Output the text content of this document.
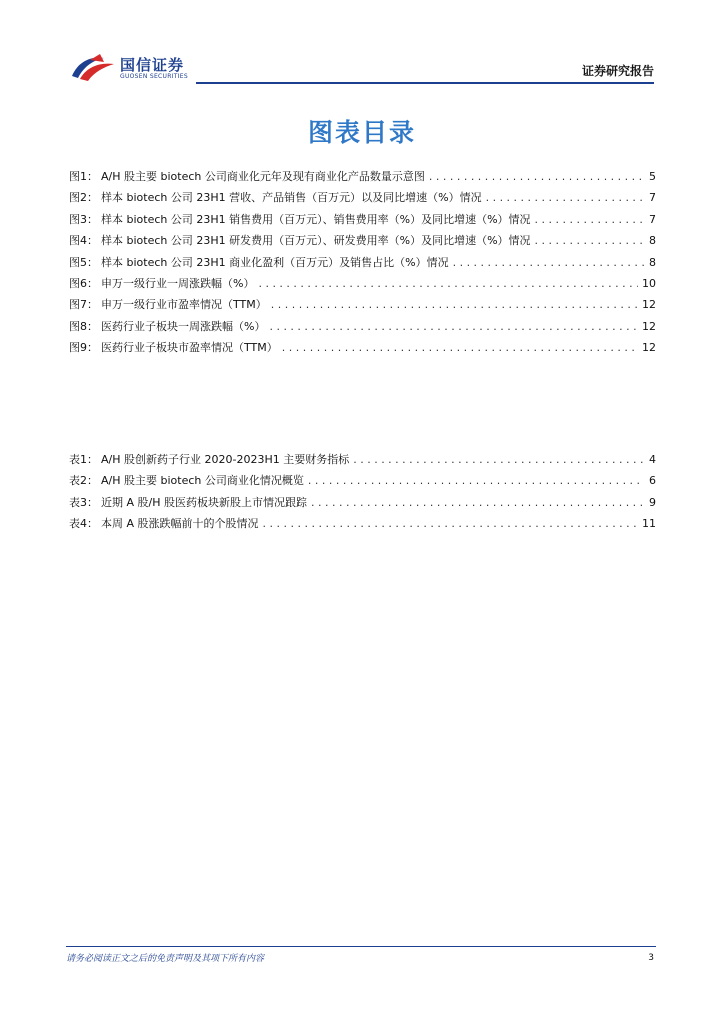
国信证券
GUOSEN SECURITIES	证券研究报告
图表目录
图1 ： A/H 股主要 biotech 公司商业化元年及现有商业化产品数量示意图 . . .	5
图2 ： 样本 biotech 公司 23H1 营收、产品销售（百万元）以及同比增速（%）情况 . . .	7
图3 ： 样本 biotech 公司 23H1 销售费用（百万元）、销售费用率（%）及同比增速（%）情况 . . .	7
图4 ： 样本 biotech 公司 23H1 研发费用（百万元）、研发费用率（%）及同比增速（%）情况 . . .	8
图5 ： 样本 biotech 公司 23H1 商业化盈利（百万元）及销售占比（%）情况 . . .	8
图6 ： 申万一级行业一周涨跌幅（%） . . .	10
图7 ： 申万一级行业市盈率情况（TTM） . . .	12
图8 ： 医药行业子板块一周涨跌幅（%） . . .	12
图9 ： 医药行业子板块市盈率情况（TTM） . . .	12
表1 ： A/H 股创新药子行业 2020-2023H1 主要财务指标 . . .	4
表2 ： A/H 股主要 biotech 公司商业化情况概览 . . .	6
表3 ： 近期 A 股/H 股医药板块新股上市情况跟踪 . . .	9
表4 ： 本周 A 股涨跌幅前十的个股情况 . . .	11
请务必阅读正文之后的免责声明及其项下所有内容	3
